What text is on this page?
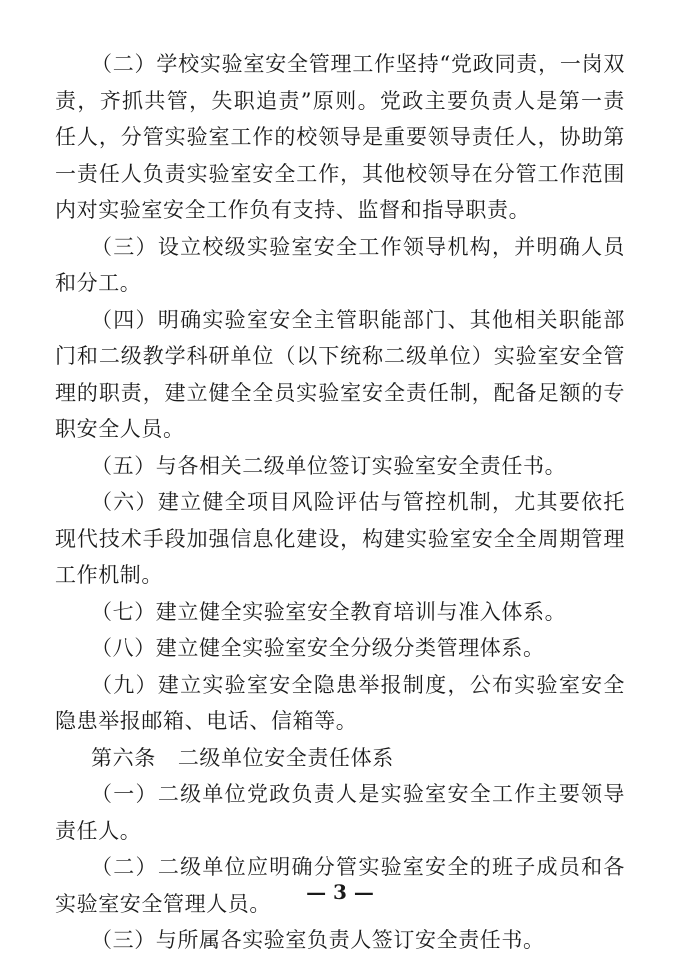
（二）学校实验室安全管理工作坚持“党政同责，一岗双责，齐抓共管，失职追责”原则。党政主要负责人是第一责任人，分管实验室工作的校领导是重要领导责任人，协助第一责任人负责实验室安全工作，其他校领导在分管工作范围内对实验室安全工作负有支持、监督和指导职责。

（三）设立校级实验室安全工作领导机构，并明确人员和分工。

（四）明确实验室安全主管职能部门、其他相关职能部门和二级教学科研单位（以下统称二级单位）实验室安全管理的职责，建立健全全员实验室安全责任制，配备足额的专职安全人员。

（五）与各相关二级单位签订实验室安全责任书。

（六）建立健全项目风险评估与管控机制，尤其要依托现代技术手段加强信息化建设，构建实验室安全全周期管理工作机制。

（七）建立健全实验室安全教育培训与准入体系。

（八）建立健全实验室安全分级分类管理体系。

（九）建立实验室安全隐患举报制度，公布实验室安全隐患举报邮箱、电话、信箱等。

第六条 二级单位安全责任体系

（一）二级单位党政负责人是实验室安全工作主要领导责任人。

（二）二级单位应明确分管实验室安全的班子成员和各实验室安全管理人员。

（三）与所属各实验室负责人签订安全责任书。

— 3 —
